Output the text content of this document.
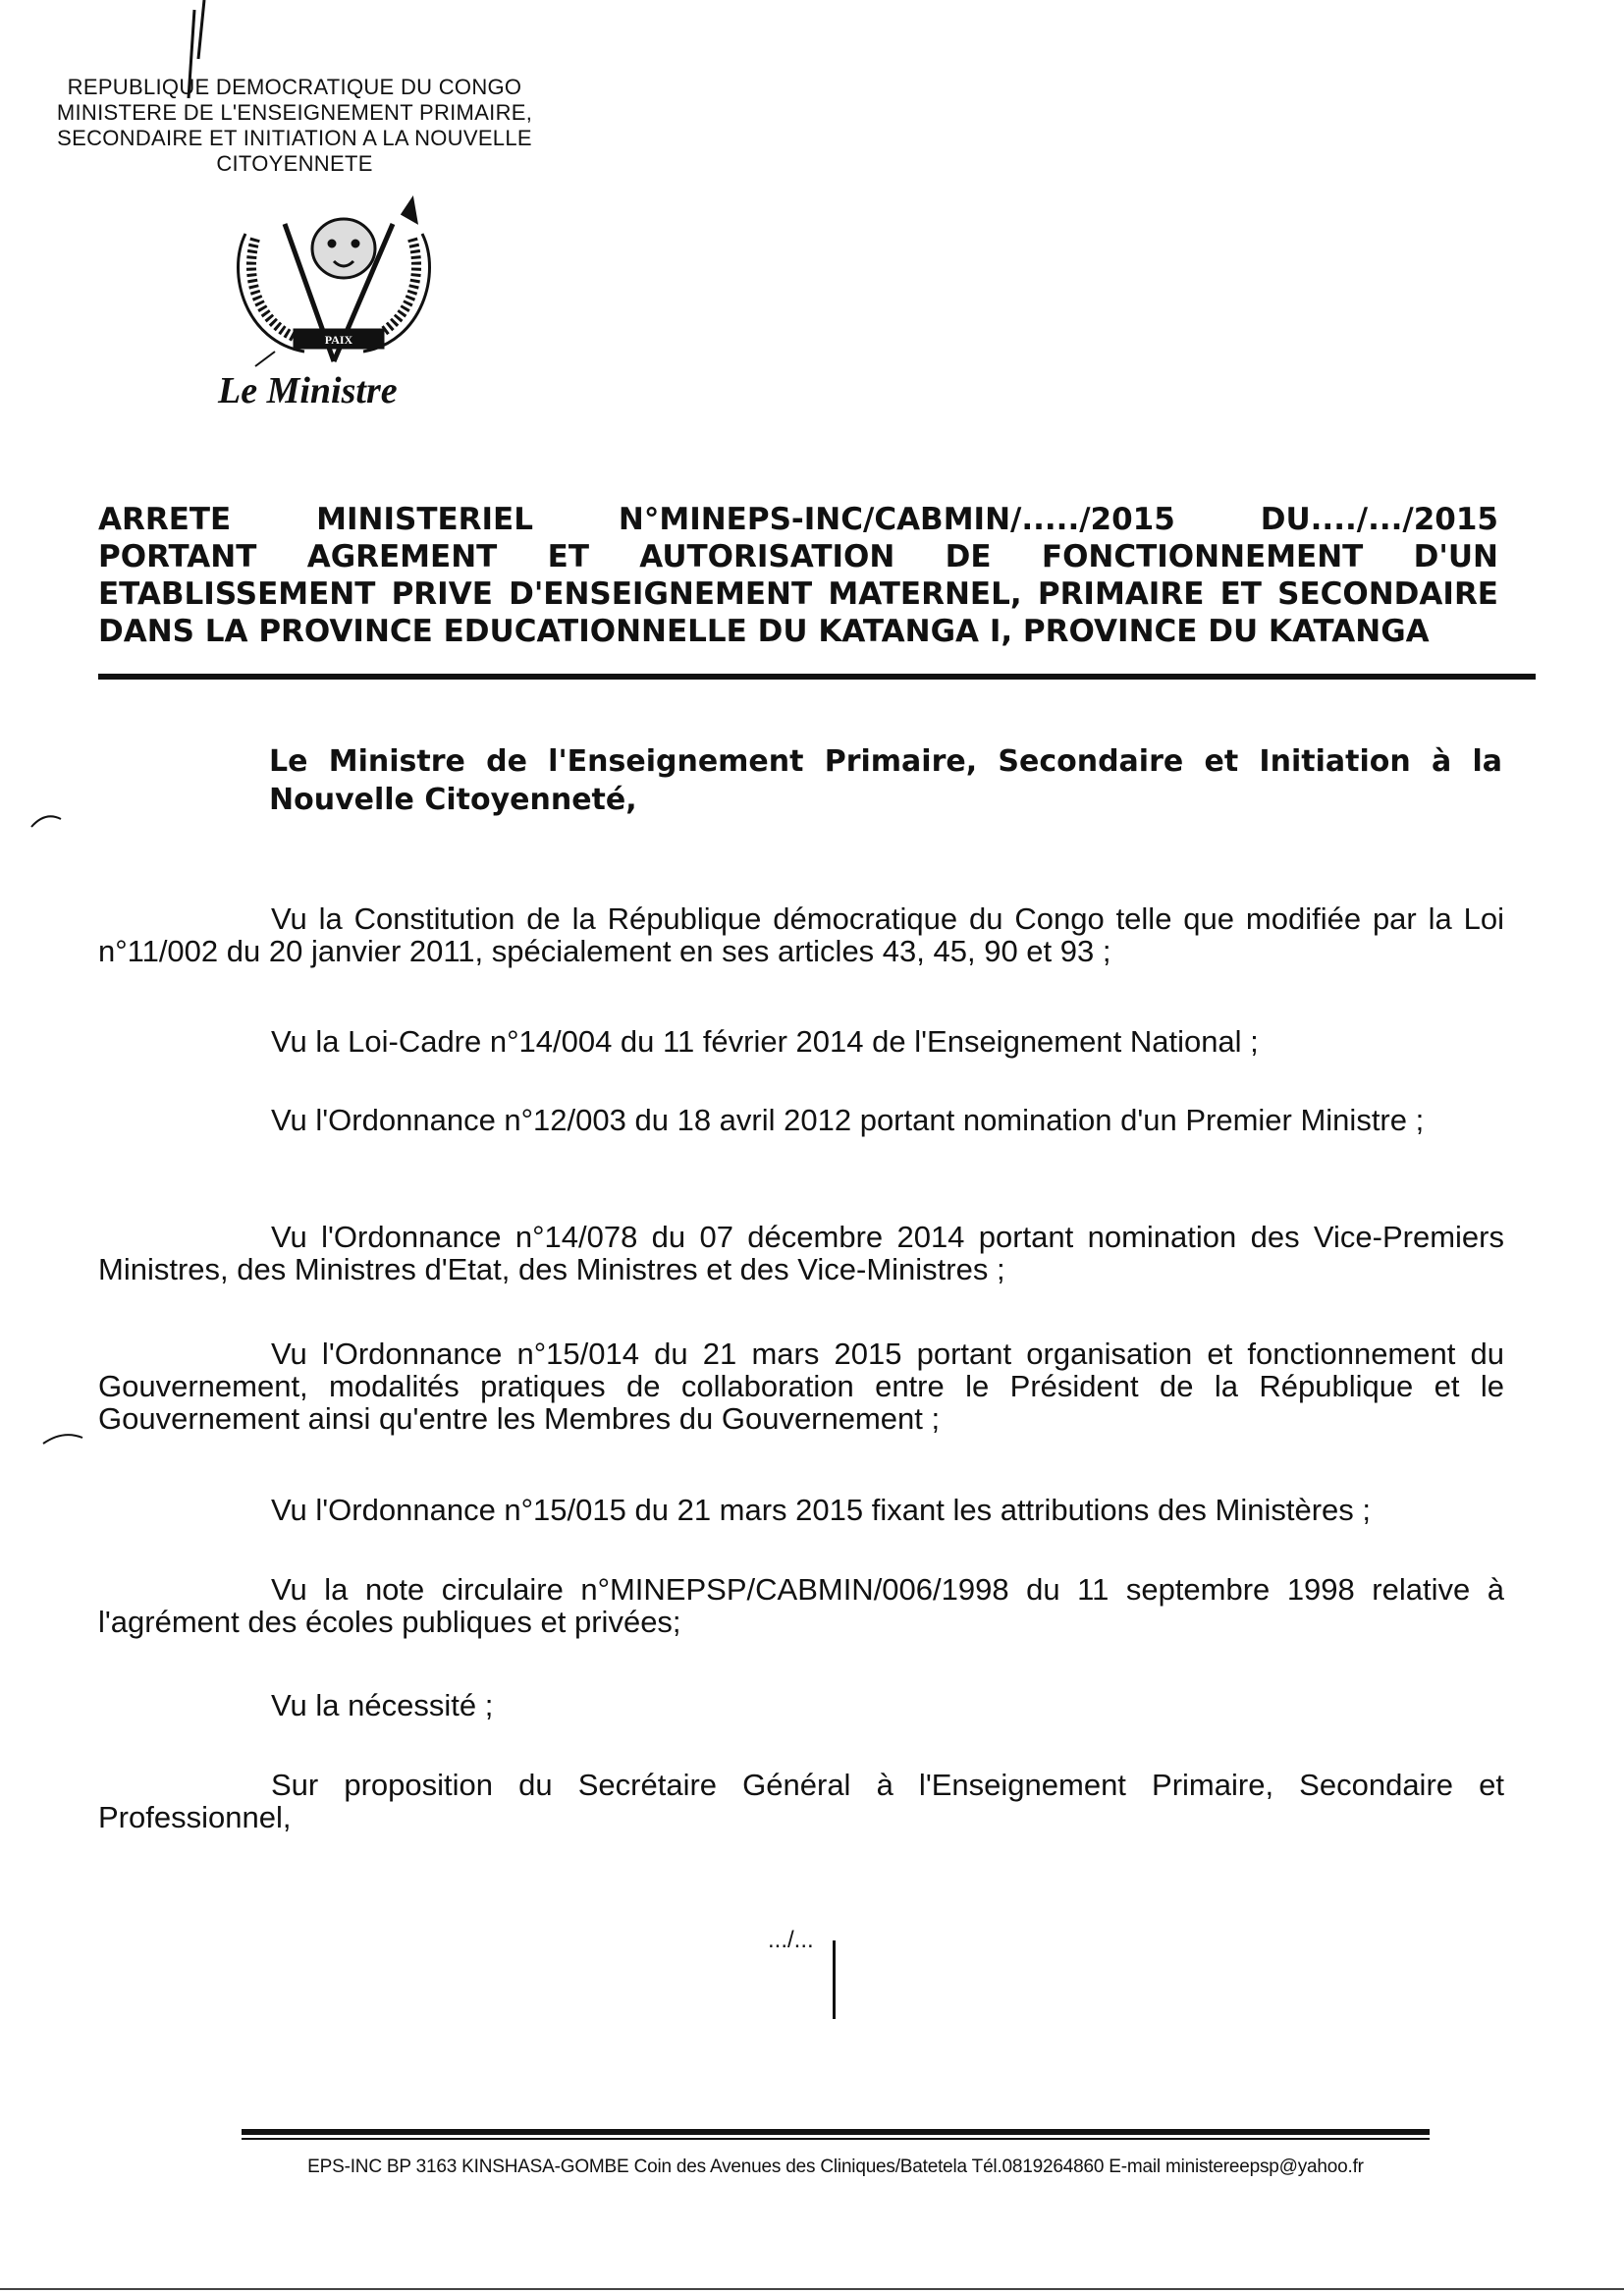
REPUBLIQUE DEMOCRATIQUE DU CONGO
MINISTERE DE L'ENSEIGNEMENT PRIMAIRE,
SECONDAIRE ET INITIATION A LA NOUVELLE
CITOYENNETE
PAIX
Le Ministre
ARRETE	MINISTERIEL	N°MINEPS-INC/CABMIN/...../2015	DU..../.../2015
PORTANT AGREMENT ET AUTORISATION DE FONCTIONNEMENT D'UN
ETABLISSEMENT PRIVE D'ENSEIGNEMENT MATERNEL, PRIMAIRE ET SECONDAIRE
DANS LA PROVINCE EDUCATIONNELLE DU KATANGA I, PROVINCE DU KATANGA
Le Ministre de l'Enseignement Primaire, Secondaire et Initiation à la Nouvelle Citoyenneté,
Vu la Constitution de la République démocratique du Congo telle que modifiée par la Loi n°11/002 du 20 janvier 2011, spécialement en ses articles 43, 45, 90 et 93 ;
Vu la Loi-Cadre n°14/004 du 11 février 2014 de l'Enseignement National ;
Vu l'Ordonnance n°12/003 du 18 avril 2012 portant nomination d'un Premier Ministre ;
Vu l'Ordonnance n°14/078 du 07 décembre 2014 portant nomination des Vice-Premiers Ministres, des Ministres d'Etat, des Ministres et des Vice-Ministres ;
Vu l'Ordonnance n°15/014 du 21 mars 2015 portant organisation et fonctionnement du Gouvernement, modalités pratiques de collaboration entre le Président de la République et le Gouvernement ainsi qu'entre les Membres du Gouvernement ;
Vu l'Ordonnance n°15/015 du 21 mars 2015 fixant les attributions des Ministères ;
Vu la note circulaire n°MINEPSP/CABMIN/006/1998 du 11 septembre 1998 relative à l'agrément des écoles publiques et privées;
Vu la nécessité ;
Sur proposition du Secrétaire Général à l'Enseignement Primaire, Secondaire et Professionnel,
.../...
EPS-INC BP 3163 KINSHASA-GOMBE Coin des Avenues des Cliniques/Batetela Tél.0819264860 E-mail ministereepsp@yahoo.fr
